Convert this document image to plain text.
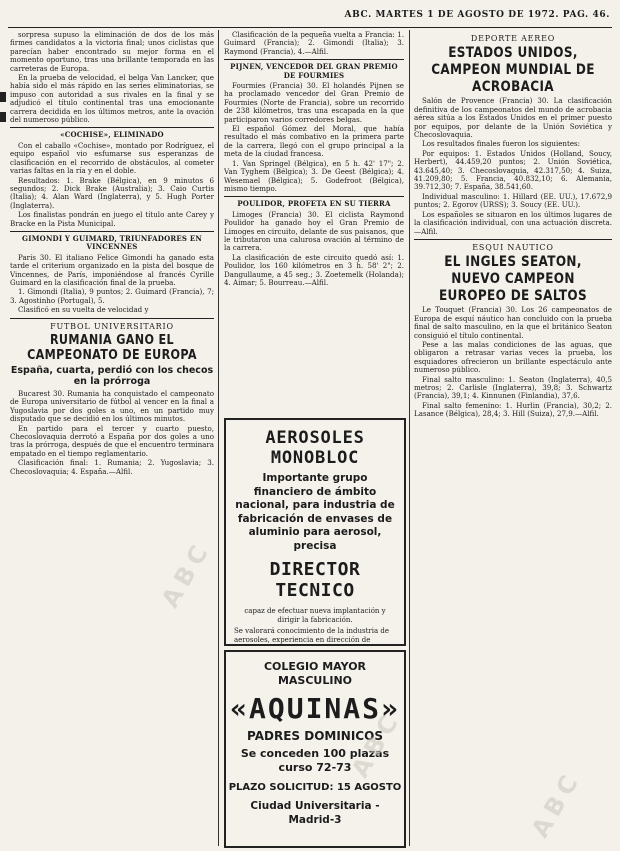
ABC. MARTES 1 DE AGOSTO DE 1972. PAG. 46.

sorpresa supuso la eliminación de dos de los más firmes candidatos a la victoria final; unos ciclistas que parecían haber encontrado su mejor forma en el momento oportuno, tras una brillante temporada en las carreteras de Europa.

En la prueba de velocidad, el belga Van Lancker, que había sido el más rápido en las series eliminatorias, se impuso con autoridad a sus rivales en la final y se adjudicó el título continental tras una emocionante carrera decidida en los últimos metros, ante la ovación del numeroso público.

«COCHISE», ELIMINADO

Con el caballo «Cochise», montado por Rodríguez, el equipo español vio esfumarse sus esperanzas de clasificación en el recorrido de obstáculos, al cometer varias faltas en la ría y en el doble.

Resultados: 1. Brake (Bélgica), en 9 minutos 6 segundos; 2. Dick Brake (Australia); 3. Caio Curtis (Italia); 4. Alan Ward (Inglaterra), y 5. Hugh Porter (Inglaterra).

Los finalistas pondrán en juego el título ante Carey y Bracke en la Pista Municipal.

GIMONDI Y GUIMARD, TRIUNFADORES EN VINCENNES

París 30. El italiano Felice Gimondi ha ganado esta tarde el criterium organizado en la pista del bosque de Vincennes, de París, imponiéndose al francés Cyrille Guimard en la clasificación final de la prueba.

1. Gimondi (Italia), 9 puntos; 2. Guimard (Francia), 7; 3. Agostinho (Portugal), 5.

Clasificó en su vuelta de velocidad y

FUTBOL UNIVERSITARIO
RUMANIA GANO EL CAMPEONATO DE EUROPA
España, cuarta, perdió con los checos en la prórroga

Bucarest 30. Rumania ha conquistado el campeonato de Europa universitario de fútbol al vencer en la final a Yugoslavia por dos goles a uno, en un partido muy disputado que se decidió en los últimos minutos.

En partido para el tercer y cuarto puesto, Checoslovaquia derrotó a España por dos goles a uno tras la prórroga, después de que el encuentro terminara empatado en el tiempo reglamentario.

Clasificación final: 1. Rumania; 2. Yugoslavia; 3. Checoslovaquia; 4. España.—Alfil.

Clasificación de la pequeña vuelta a Francia: 1. Guimard (Francia); 2. Gimondi (Italia); 3. Raymond (Francia), 4.—Alfil.

PIJNEN, VENCEDOR DEL GRAN PREMIO DE FOURMIES

Fourmies (Francia) 30. El holandés Pijnen se ha proclamado vencedor del Gran Premio de Fourmies (Norte de Francia), sobre un recorrido de 238 kilómetros, tras una escapada en la que participaron varios corredores belgas.

El español Gómez del Moral, que había resultado el más combativo en la primera parte de la carrera, llegó con el grupo principal a la meta de la ciudad francesa.

1. Van Springel (Bélgica), en 5 h. 42' 17"; 2. Van Tyghem (Bélgica); 3. De Geest (Bélgica); 4. Wesemael (Bélgica); 5. Godefroot (Bélgica), mismo tiempo.

POULIDOR, PROFETA EN SU TIERRA

Limoges (Francia) 30. El ciclista Raymond Poulidor ha ganado hoy el Gran Premio de Limoges en circuito, delante de sus paisanos, que le tributaron una calurosa ovación al término de la carrera.

La clasificación de este circuito quedó así: 1. Poulidor, los 160 kilómetros en 3 h. 58' 2"; 2. Dangullaume, a 45 seg.; 3. Zoetemelk (Holanda); 4. Aimar; 5. Bourreau.—Alfil.

AEROSOLES MONOBLOC
Importante grupo financiero de ámbito nacional, para industria de fabricación de envases de aluminio para aerosol, precisa
DIRECTOR TECNICO
capaz de efectuar nueva implantación y dirigir la fabricación.
Se valorará conocimiento de la industria de aerosoles, experiencia en dirección de
COLEGIO MAYOR MASCULINO
«AQUINAS»
PADRES DOMINICOS
Se conceden 100 plazas curso 72-73
PLAZO SOLICITUD: 15 AGOSTO
Ciudad Universitaria - Madrid-3
DEPORTE AEREO
ESTADOS UNIDOS, CAMPEON MUNDIAL DE ACROBACIA

Salón de Provence (Francia) 30. La clasificación definitiva de los campeonatos del mundo de acrobacia aérea sitúa a los Estados Unidos en el primer puesto por equipos, por delante de la Unión Soviética y Checoslovaquia.

Los resultados finales fueron los siguientes:

Por equipos: 1. Estados Unidos (Holland, Soucy, Herbert), 44.459,20 puntos; 2. Unión Soviética, 43.645,40; 3. Checoslovaquia, 42.317,50; 4. Suiza, 41.209,80; 5. Francia, 40.832,10; 6. Alemania, 39.712,30; 7. España, 38.541,60.

Individual masculino: 1. Hillard (EE. UU.), 17.672,9 puntos; 2. Egorov (URSS); 3. Soucy (EE. UU.).

Los españoles se situaron en los últimos lugares de la clasificación individual, con una actuación discreta.—Alfil.

ESQUI NAUTICO
EL INGLES SEATON, NUEVO CAMPEON EUROPEO DE SALTOS

Le Touquet (Francia) 30. Los 26 campeonatos de Europa de esquí náutico han concluido con la prueba final de salto masculino, en la que el británico Seaton consiguió el título continental.

Pese a las malas condiciones de las aguas, que obligaron a retrasar varias veces la prueba, los esquiadores ofrecieron un brillante espectáculo ante numeroso público.

Final salto masculino: 1. Seaton (Inglaterra), 40,5 metros; 2. Carlisle (Inglaterra), 39,8; 3. Schwartz (Francia), 39,1; 4. Kinnunen (Finlandia), 37,6.

Final salto femenino: 1. Hurlin (Francia), 30,2; 2. Lasance (Bélgica), 28,4; 3. Hill (Suiza), 27,9.—Alfil.

ABC
ABC
ABC
